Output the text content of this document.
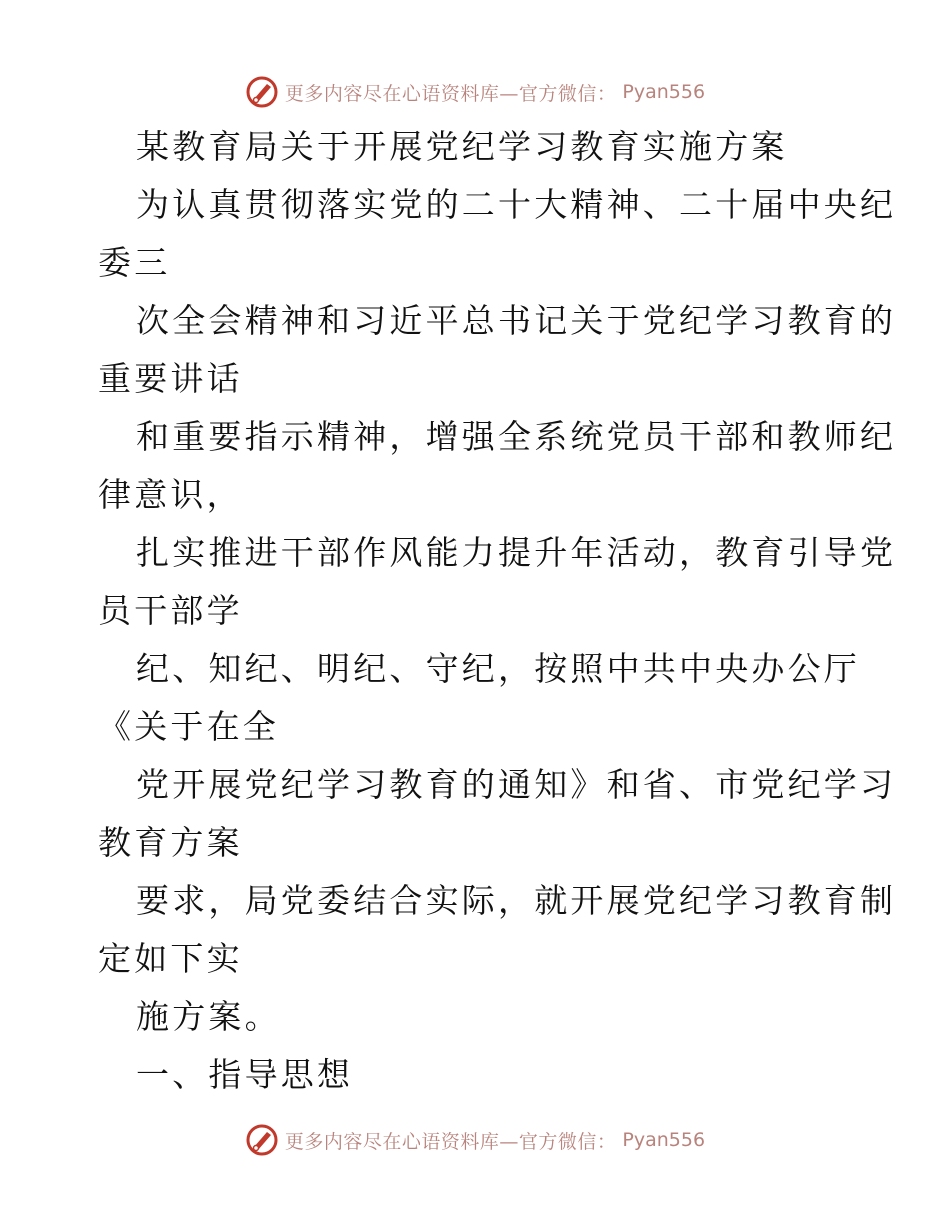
更多内容尽在心语资料库—官方微信： Pyan556
某教育局关于开展党纪学习教育实施方案
为认真贯彻落实党的二十大精神、二十届中央纪
委三
次全会精神和习近平总书记关于党纪学习教育的
重要讲话
和重要指示精神，增强全系统党员干部和教师纪
律意识，
扎实推进干部作风能力提升年活动，教育引导党
员干部学
纪、知纪、明纪、守纪，按照中共中央办公厅
《关于在全
党开展党纪学习教育的通知》和省、市党纪学习
教育方案
要求，局党委结合实际，就开展党纪学习教育制
定如下实
施方案。
一、指导思想
更多内容尽在心语资料库—官方微信： Pyan556
